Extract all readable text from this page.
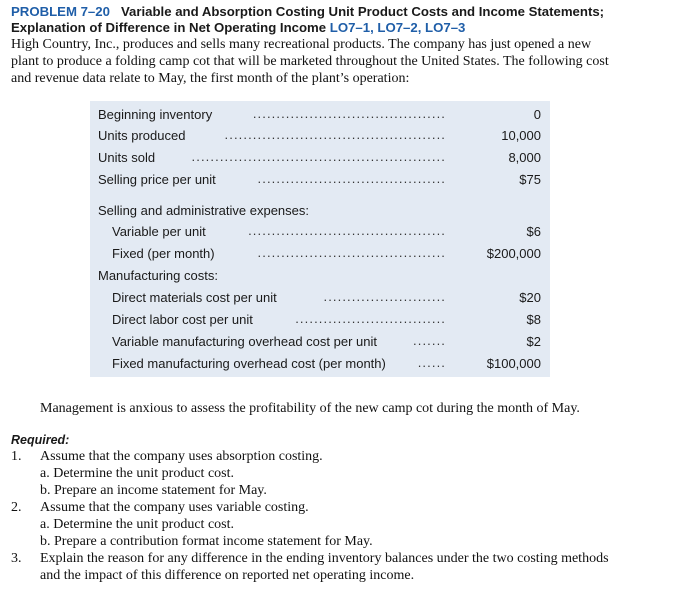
PROBLEM 7–20 Variable and Absorption Costing Unit Product Costs and Income Statements;
Explanation of Difference in Net Operating Income LO7–1, LO7–2, LO7–3
High Country, Inc., produces and sells many recreational products. The company has just opened a new
plant to produce a folding camp cot that will be marketed throughout the United States. The following cost
and revenue data relate to May, the first month of the plant’s operation:
Beginning inventory	.........................................	0
Units produced	...............................................	10,000
Units sold	......................................................	8,000
Selling price per unit	........................................	$75
Selling and administrative expenses:
Variable per unit	..........................................	$6
Fixed (per month)	........................................	$200,000
Manufacturing costs:
Direct materials cost per unit	..........................	$20
Direct labor cost per unit	................................	$8
Variable manufacturing overhead cost per unit	.......	$2
Fixed manufacturing overhead cost (per month)	......	$100,000
Management is anxious to assess the profitability of the new camp cot during the month of May.
Required:
1. Assume that the company uses absorption costing.
a. Determine the unit product cost.
b. Prepare an income statement for May.
2. Assume that the company uses variable costing.
a. Determine the unit product cost.
b. Prepare a contribution format income statement for May.
3. Explain the reason for any difference in the ending inventory balances under the two costing methods
and the impact of this difference on reported net operating income.
